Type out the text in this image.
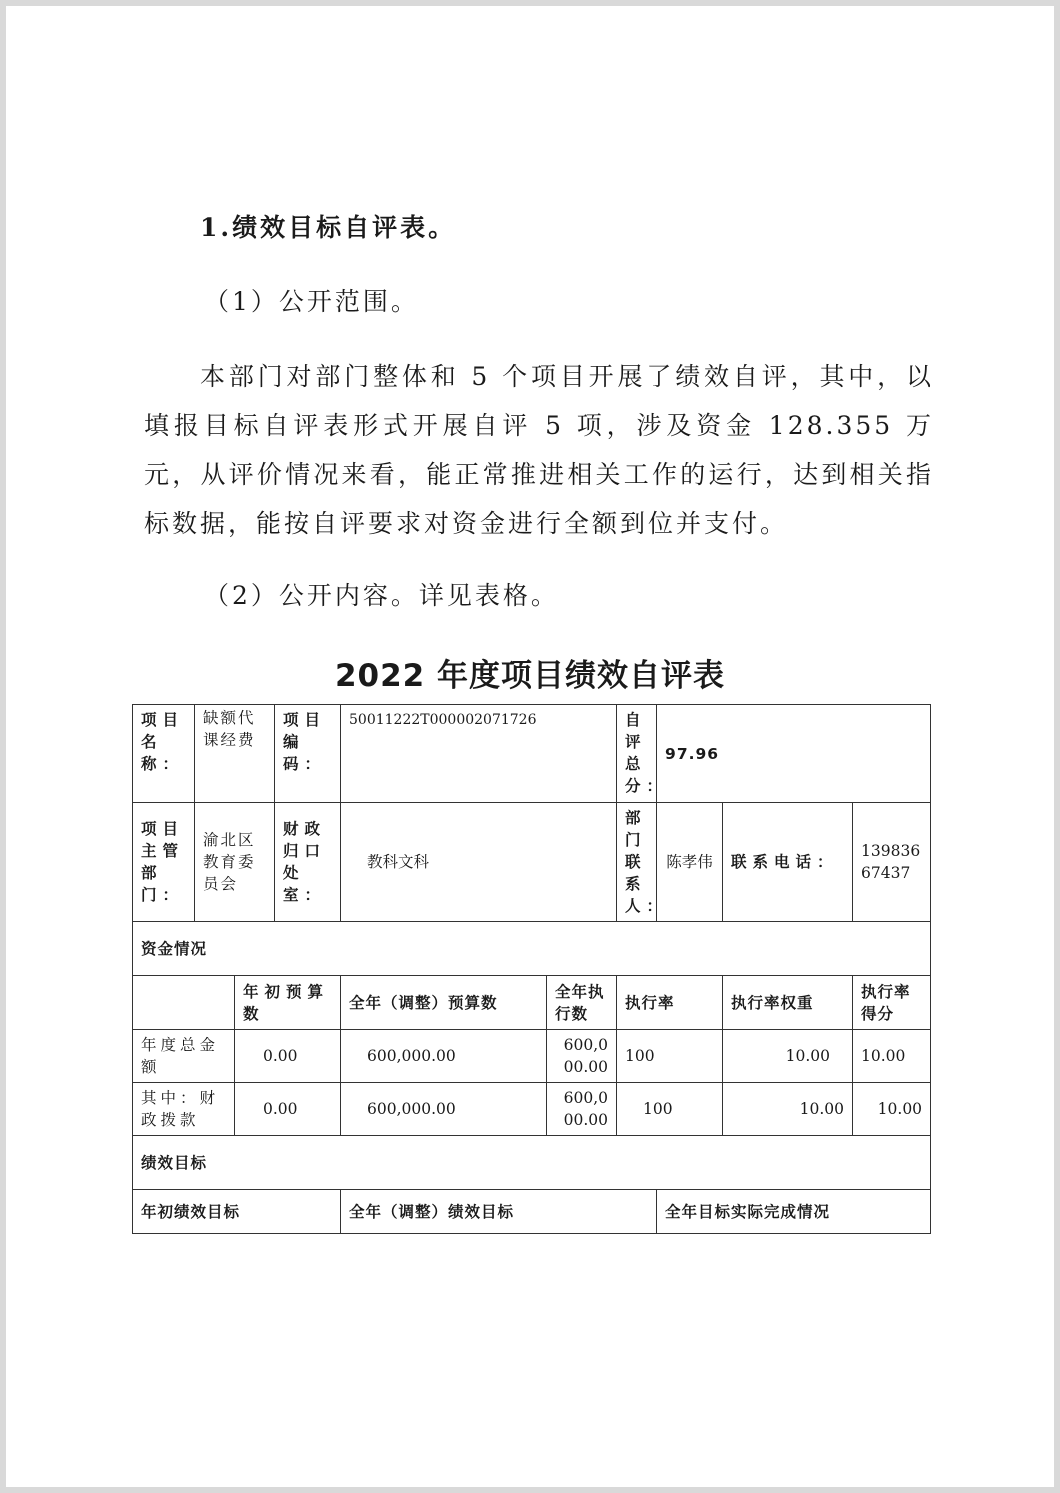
1.绩效目标自评表。
（1）公开范围。
本部门对部门整体和 5 个项目开展了绩效自评，其中，以填报目标自评表形式开展自评 5 项，涉及资金 128.355 万元，从评价情况来看，能正常推进相关工作的运行，达到相关指标数据，能按自评要求对资金进行全额到位并支付。
（2）公开内容。详见表格。
2022 年度项目绩效自评表
项目名称：	缺额代课经费		项目编码：	50011222T000002071726		自评总分：	97.96		
项目主管部门：	渝北区教育委员会		财政归口处室：	教科文科		部门联系人：	陈孝伟	联系电话：	13983667437
资金情况									
		年初预算数		全年（调整）预算数	全年执行数	执行率		执行率权重	执行率得分
年度总金额		0.00		600,000.00	600,000.00	100		10.00	10.00
其中：财政拨款		0.00		600,000.00	600,000.00	100		10.00	10.00
绩效目标									
年初绩效目标				全年（调整）绩效目标			全年目标实际完成情况		
